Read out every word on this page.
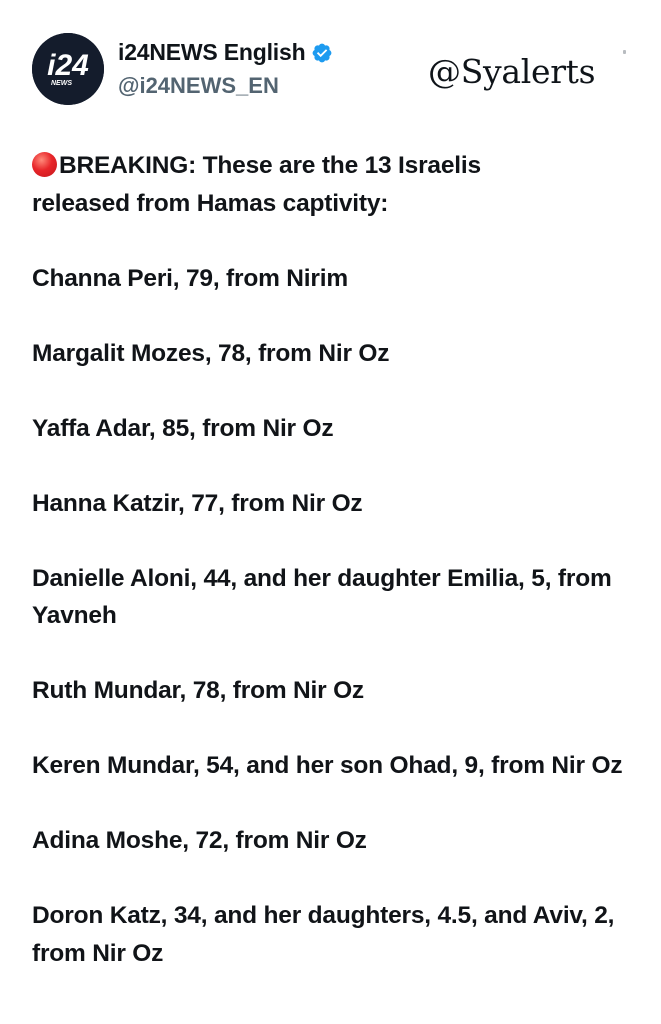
i24
NEWS
i24NEWS English
@i24NEWS_EN	@Syalerts
BREAKING: These are the 13 Israelis
released from Hamas captivity:
Channa Peri, 79, from Nirim
Margalit Mozes, 78, from Nir Oz
Yaffa Adar, 85, from Nir Oz
Hanna Katzir, 77, from Nir Oz
Danielle Aloni, 44, and her daughter Emilia, 5, from Yavneh
Ruth Mundar, 78, from Nir Oz
Keren Mundar, 54, and her son Ohad, 9, from Nir Oz
Adina Moshe, 72, from Nir Oz
Doron Katz, 34, and her daughters, 4.5, and Aviv, 2, from Nir Oz
